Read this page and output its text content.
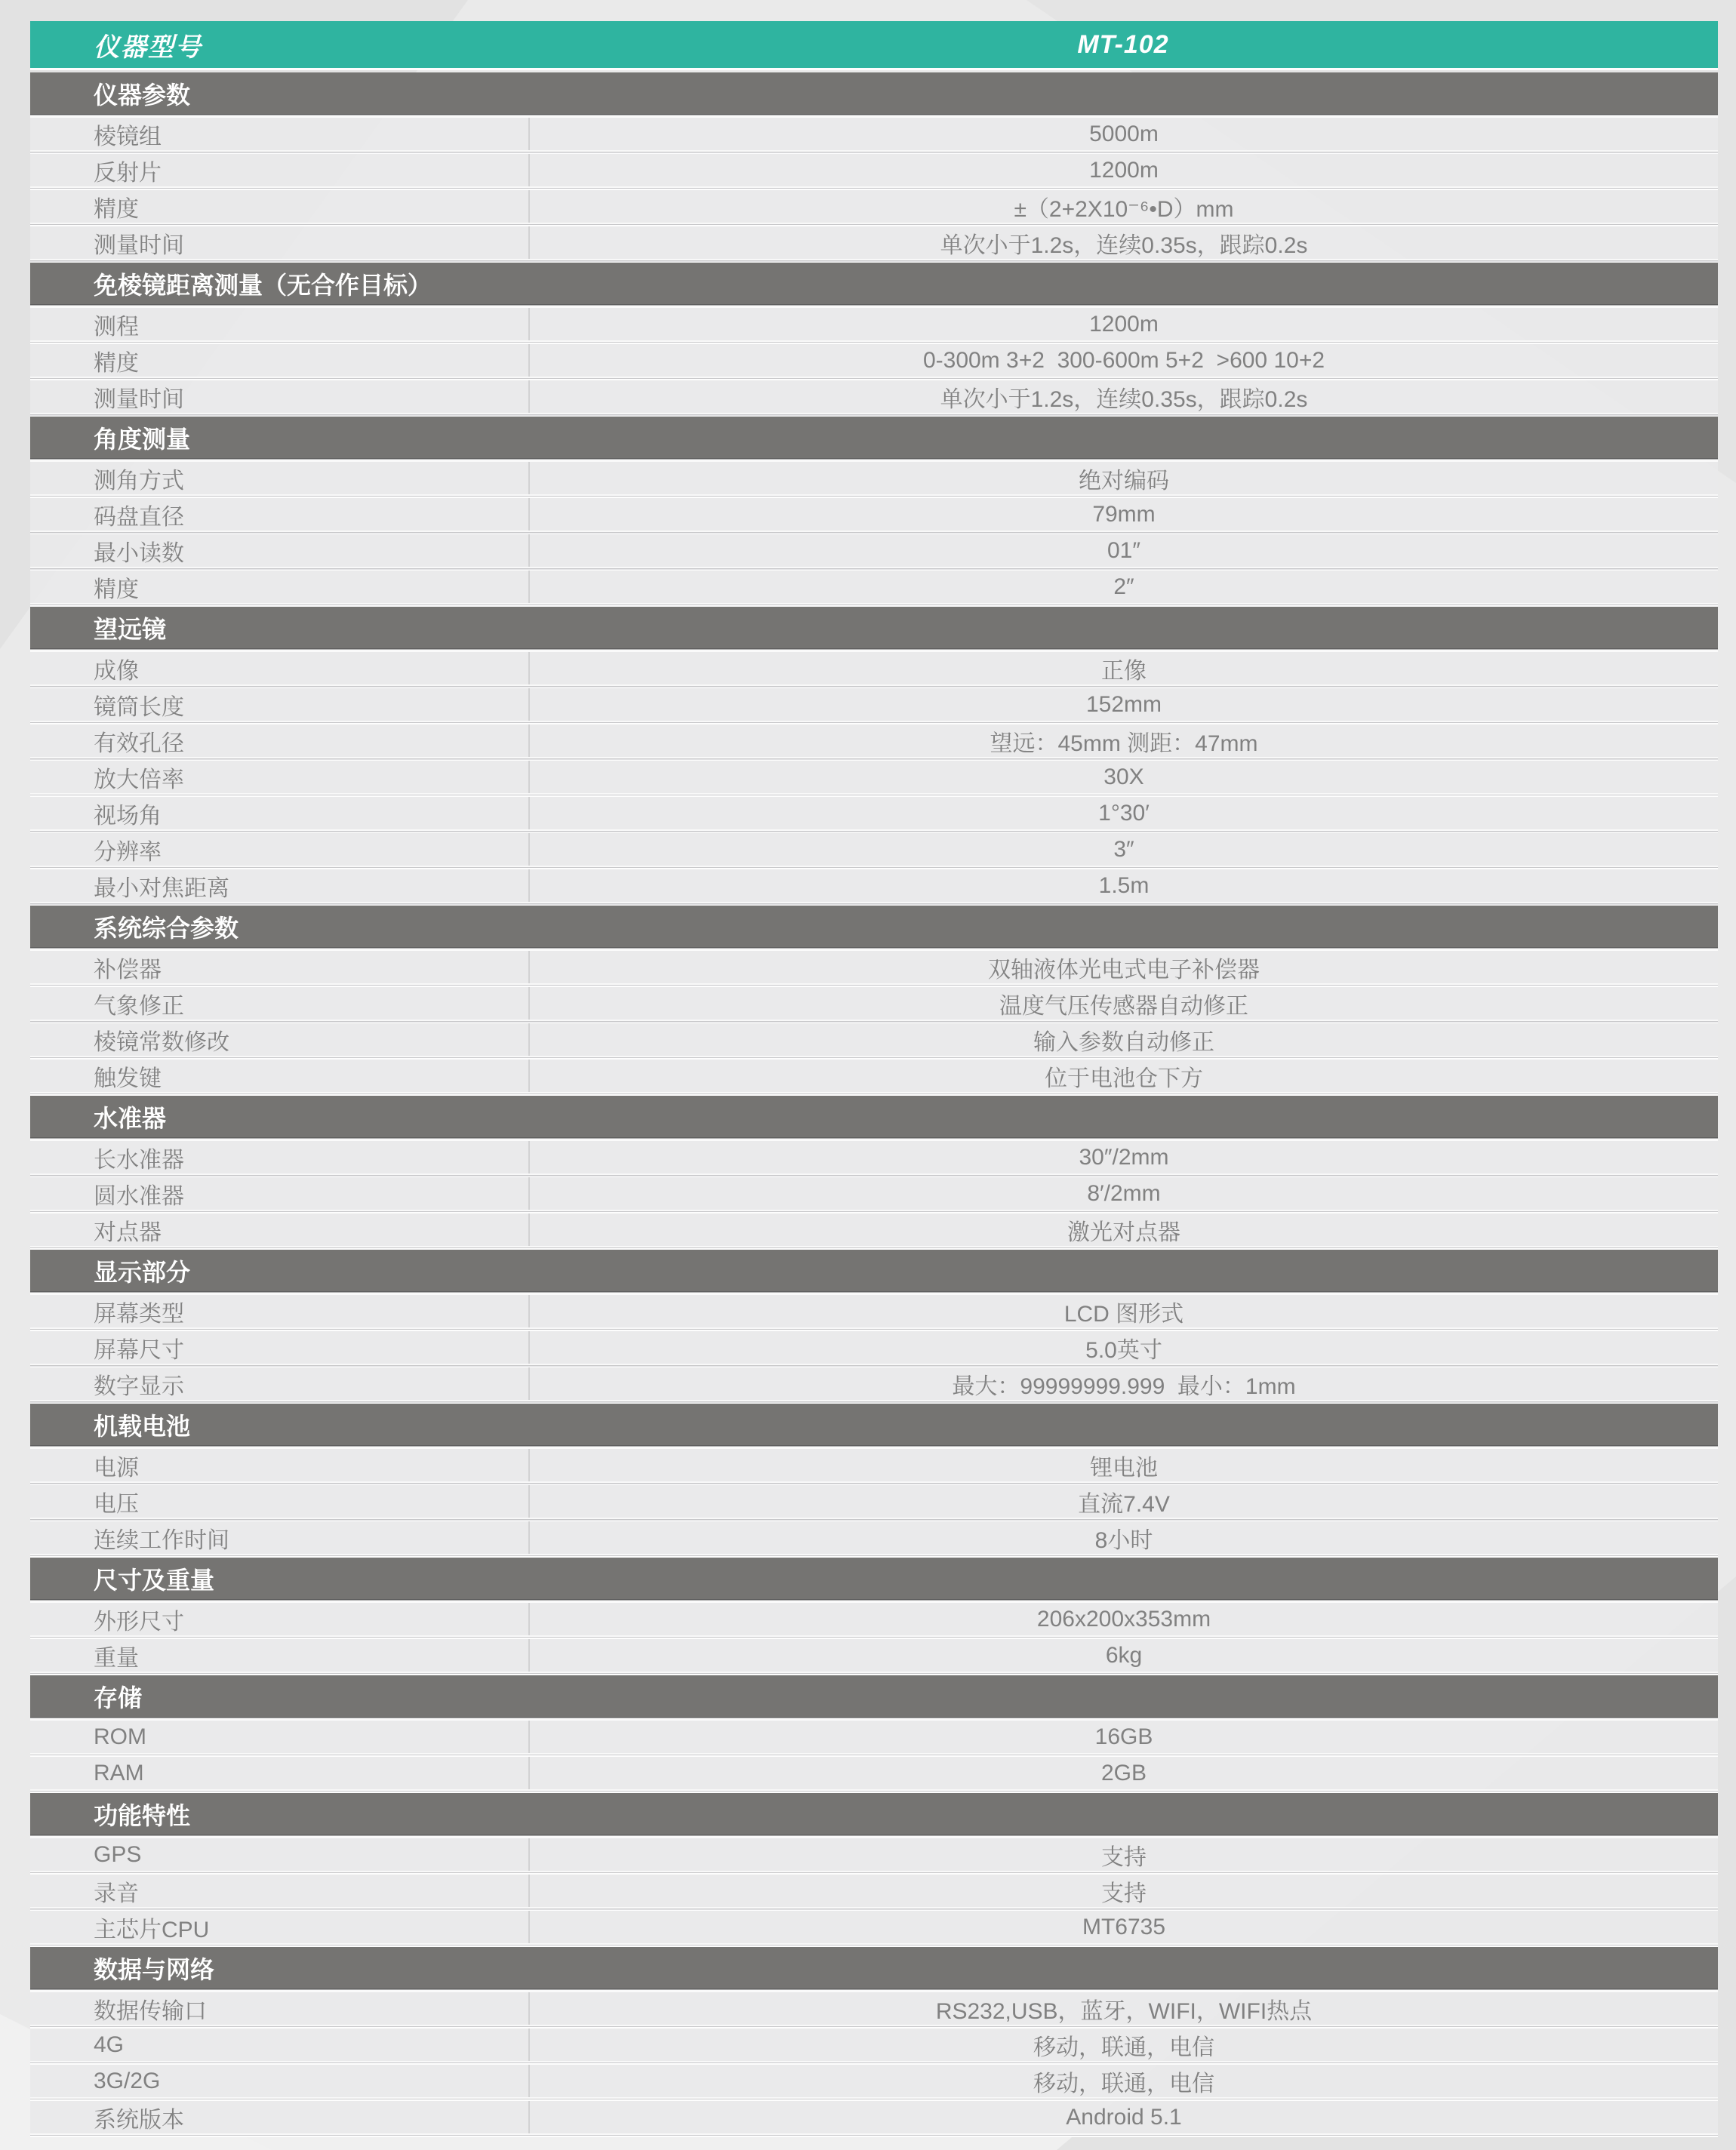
仪器型号	MT-102
仪器参数
棱镜组	5000m
反射片	1200m
精度	±（2+2X10⁻⁶•D）mm
测量时间	单次小于1.2s，连续0.35s，跟踪0.2s
免棱镜距离测量（无合作目标）
测程	1200m
精度	0-300m 3+2  300-600m 5+2  >600 10+2
测量时间	单次小于1.2s，连续0.35s，跟踪0.2s
角度测量
测角方式	绝对编码
码盘直径	79mm
最小读数	01″
精度	2″
望远镜
成像	正像
镜筒长度	152mm
有效孔径	望远：45mm 测距：47mm
放大倍率	30X
视场角	1°30′
分辨率	3″
最小对焦距离	1.5m
系统综合参数
补偿器	双轴液体光电式电子补偿器
气象修正	温度气压传感器自动修正
棱镜常数修改	输入参数自动修正
触发键	位于电池仓下方
水准器
长水准器	30″/2mm
圆水准器	8′/2mm
对点器	激光对点器
显示部分
屏幕类型	LCD 图形式
屏幕尺寸	5.0英寸
数字显示	最大：99999999.999  最小：1mm
机载电池
电源	锂电池
电压	直流7.4V
连续工作时间	8小时
尺寸及重量
外形尺寸	206x200x353mm
重量	6kg
存储
ROM	16GB
RAM	2GB
功能特性
GPS	支持
录音	支持
主芯片CPU	MT6735
数据与网络
数据传输口	RS232,USB，蓝牙，WIFI，WIFI热点
4G	移动，联通，电信
3G/2G	移动，联通，电信
系统版本	Android 5.1
